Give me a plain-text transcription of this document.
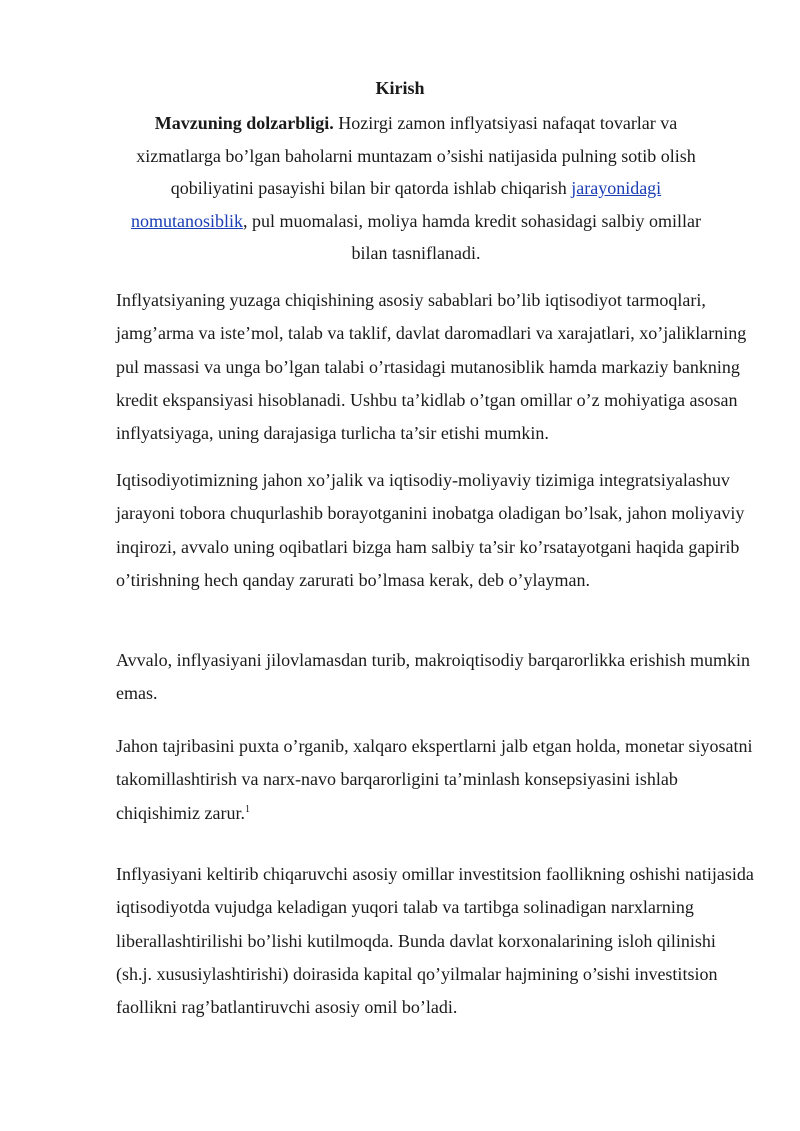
Kirish
Mavzuning dolzarbligi. Hozirgi zamon inflyatsiyasi nafaqat tovarlar va xizmatlarga bo’lgan baholarni muntazam o’sishi natijasida pulning sotib olish qobiliyatini pasayishi bilan bir qatorda ishlab chiqarish jarayonidagi nomutanosiblik, pul muomalasi, moliya hamda kredit sohasidagi salbiy omillar bilan tasniflanadi.

Inflyatsiyaning yuzaga chiqishining asosiy sabablari bo’lib iqtisodiyot tarmoqlari, jamg’arma va iste’mol, talab va taklif, davlat daromadlari va xarajatlari, xo’jaliklarning pul massasi va unga bo’lgan talabi o’rtasidagi mutanosiblik hamda markaziy bankning kredit ekspansiyasi hisoblanadi. Ushbu ta’kidlab o’tgan omillar o’z mohiyatiga asosan inflyatsiyaga, uning darajasiga turlicha ta’sir etishi mumkin.

Iqtisodiyotimizning jahon xo’jalik va iqtisodiy-moliyaviy tizimiga integratsiyalashuv jarayoni tobora chuqurlashib borayotganini inobatga oladigan bo’lsak, jahon moliyaviy inqirozi, avvalo uning oqibatlari bizga ham salbiy ta’sir ko’rsatayotgani haqida gapirib o’tirishning hech qanday zarurati bo’lmasa kerak, deb o’ylayman.

Avvalo, inflyasiyani jilovlamasdan turib, makroiqtisodiy barqarorlikka erishish mumkin emas.

Jahon tajribasini puxta o’rganib, xalqaro ekspertlarni jalb etgan holda, monetar siyosatni takomillashtirish va narx-navo barqarorligini ta’minlash konsepsiyasini ishlab chiqishimiz zarur.$^1$

Inflyasiyani keltirib chiqaruvchi asosiy omillar investitsion faollikning oshishi natijasida iqtisodiyotda vujudga keladigan yuqori talab va tartibga solinadigan narxlarning liberallashtirilishi bo’lishi kutilmoqda. Bunda davlat korxonalarining isloh qilinishi (sh.j. xususiylashtirishi) doirasida kapital qo’yilmalar hajmining o’sishi investitsion faollikni rag’batlantiruvchi asosiy omil bo’ladi.
